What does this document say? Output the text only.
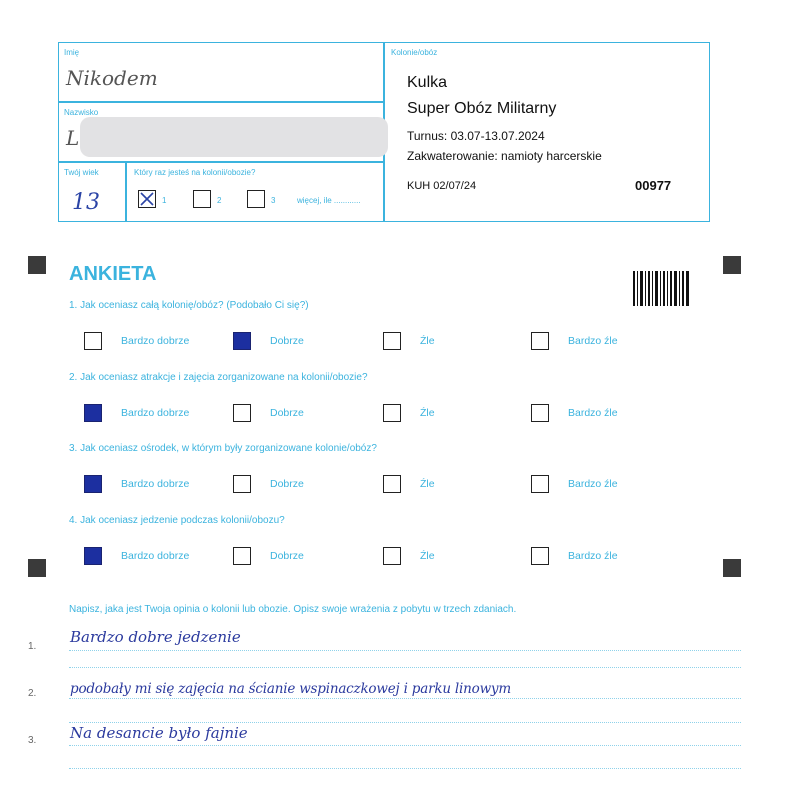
Imię
Nikodem
Nazwisko
L
Twój wiek
13
Który raz jesteś na kolonii/obozie?
1	2	3	więcej, ile ............
Kolonie/obóz
Kulka
Super Obóz Militarny
Turnus: 03.07-13.07.2024
Zakwaterowanie: namioty harcerskie
KUH 02/07/24	00977
ANKIETA
1. Jak oceniasz całą kolonię/obóz? (Podobało Ci się?)
Bardzo dobrze	Dobrze	Źle	Bardzo źle
2. Jak oceniasz atrakcje i zajęcia zorganizowane na kolonii/obozie?
Bardzo dobrze	Dobrze	Źle	Bardzo źle
3. Jak oceniasz ośrodek, w którym były zorganizowane kolonie/obóz?
Bardzo dobrze	Dobrze	Źle	Bardzo źle
4. Jak oceniasz jedzenie podczas kolonii/obozu?
Bardzo dobrze	Dobrze	Źle	Bardzo źle
Napisz, jaka jest Twoja opinia o kolonii lub obozie. Opisz swoje wrażenia z pobytu w trzech zdaniach.
1.
Bardzo dobre jedzenie
2. podobały mi się zajęcia na ścianie wspinaczkowej i parku linowym
3. Na desancie było fajnie
